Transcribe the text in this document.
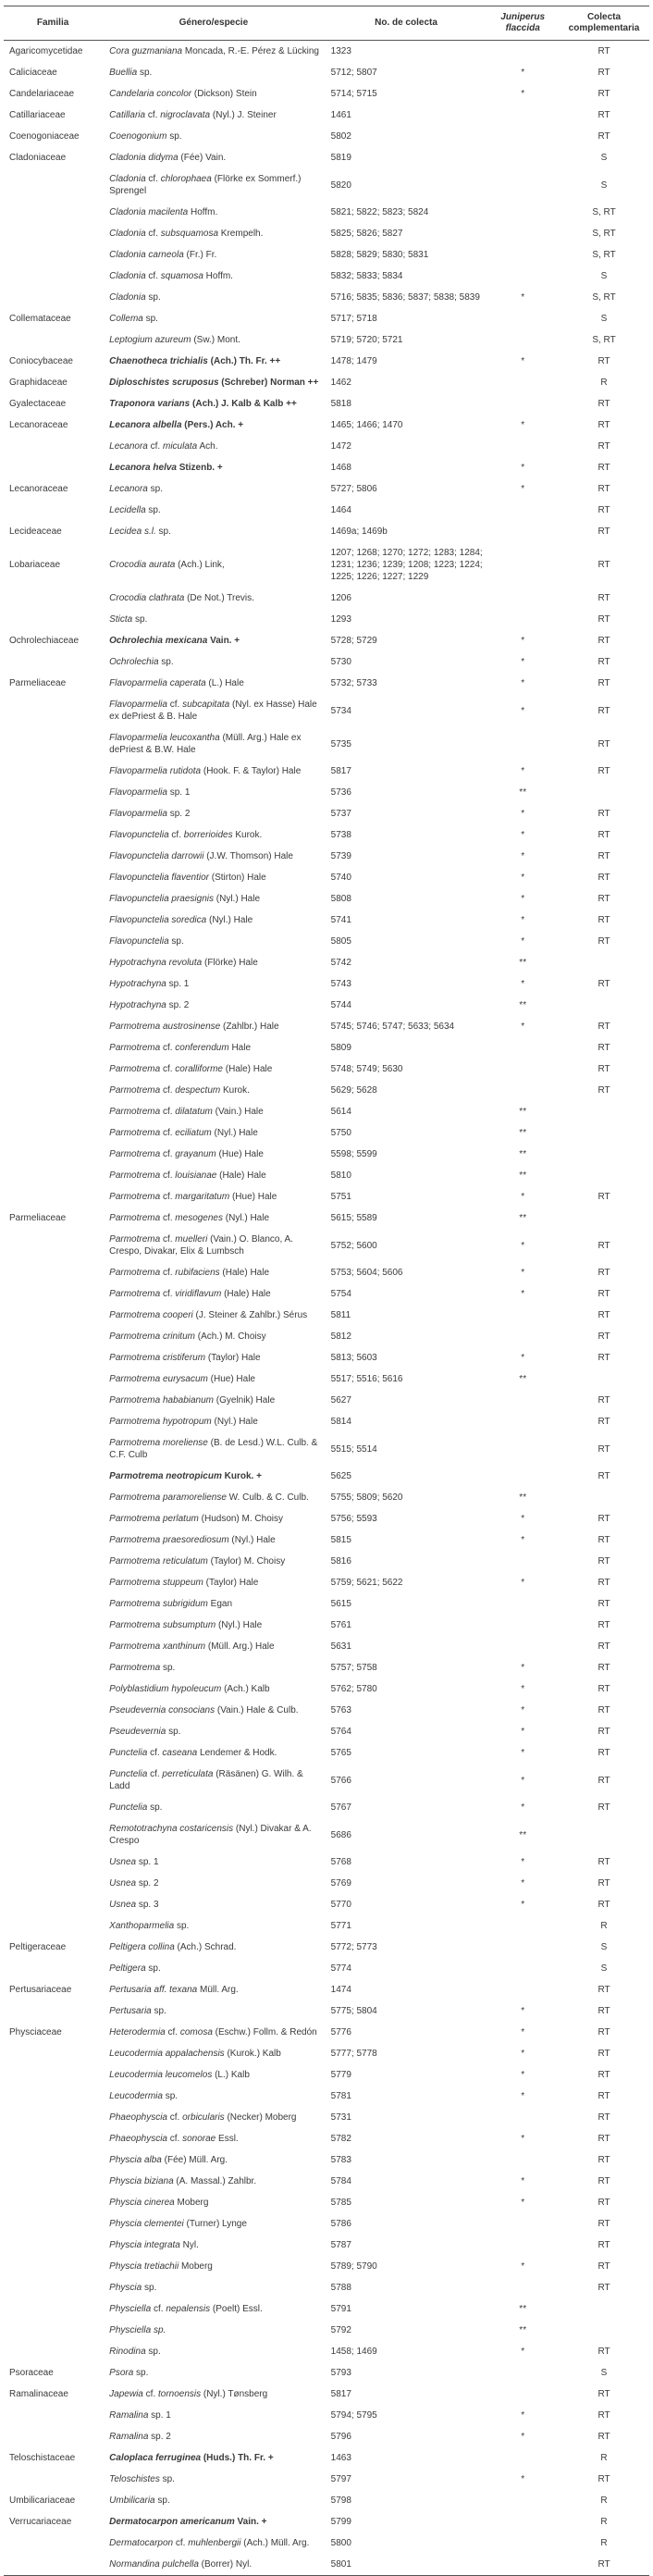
Familia	Género/especie	No. de colecta	Juniperus flaccida	Colecta complementaria
Agaricomycetidae	Cora guzmaniana Moncada, R.-E. Pérez & Lücking	1323		RT
Caliciaceae	Buellia sp.	5712; 5807	*	RT
Candelariaceae	Candelaria concolor (Dickson) Stein	5714; 5715	*	RT
Catillariaceae	Catillaria cf. nigroclavata (Nyl.) J. Steiner	1461		RT
Coenogoniaceae	Coenogonium sp.	5802		RT
Cladoniaceae	Cladonia didyma (Fée) Vain.	5819		S
	Cladonia cf. chlorophaea (Flörke ex Sommerf.) Sprengel	5820		S
	Cladonia macilenta Hoffm.	5821; 5822; 5823; 5824		S, RT
	Cladonia cf. subsquamosa Krempelh.	5825; 5826; 5827		S, RT
	Cladonia carneola (Fr.) Fr.	5828; 5829; 5830; 5831		S, RT
	Cladonia cf. squamosa Hoffm.	5832; 5833; 5834		S
	Cladonia sp.	5716; 5835; 5836; 5837; 5838; 5839	*	S, RT
Collemataceae	Collema sp.	5717; 5718		S
	Leptogium azureum (Sw.) Mont.	5719; 5720; 5721		S, RT
Coniocybaceae	Chaenotheca trichialis (Ach.) Th. Fr. ++	1478; 1479	*	RT
Graphidaceae	Diploschistes scruposus (Schreber) Norman ++	1462		R
Gyalectaceae	Traponora varians (Ach.) J. Kalb & Kalb ++	5818		RT
Lecanoraceae	Lecanora albella (Pers.) Ach. +	1465; 1466; 1470	*	RT
	Lecanora cf. miculata Ach.	1472		RT
	Lecanora helva Stizenb. +	1468	*	RT
Lecanoraceae	Lecanora sp.	5727; 5806	*	RT
	Lecidella sp.	1464		RT
Lecideaceae	Lecidea s.l. sp.	1469a; 1469b		RT
Lobariaceae	Crocodia aurata (Ach.) Link,	1207; 1268; 1270; 1272; 1283; 1284; 1231; 1236; 1239; 1208; 1223; 1224; 1225; 1226; 1227; 1229		RT
	Crocodia clathrata (De Not.) Trevis.	1206		RT
	Sticta sp.	1293		RT
Ochrolechiaceae	Ochrolechia mexicana Vain. +	5728; 5729	*	RT
	Ochrolechia sp.	5730	*	RT
Parmeliaceae	Flavoparmelia caperata (L.) Hale	5732; 5733	*	RT
	Flavoparmelia cf. subcapitata (Nyl. ex Hasse) Hale ex dePriest & B. Hale	5734	*	RT
	Flavoparmelia leucoxantha (Müll. Arg.) Hale ex dePriest & B.W. Hale	5735		RT
	Flavoparmelia rutidota (Hook. F. & Taylor) Hale	5817	*	RT
	Flavoparmelia sp. 1	5736	**	
	Flavoparmelia sp. 2	5737	*	RT
	Flavopunctelia cf. borrerioides Kurok.	5738	*	RT
	Flavopunctelia darrowii (J.W. Thomson) Hale	5739	*	RT
	Flavopunctelia flaventior (Stirton) Hale	5740	*	RT
	Flavopunctelia praesignis (Nyl.) Hale	5808	*	RT
	Flavopunctelia soredica (Nyl.) Hale	5741	*	RT
	Flavopunctelia sp.	5805	*	RT
	Hypotrachyna revoluta (Flörke) Hale	5742	**	
	Hypotrachyna sp. 1	5743	*	RT
	Hypotrachyna sp. 2	5744	**	
	Parmotrema austrosinense (Zahlbr.) Hale	5745; 5746; 5747; 5633; 5634	*	RT
	Parmotrema cf. conferendum Hale	5809		RT
	Parmotrema cf. coralliforme (Hale) Hale	5748; 5749; 5630		RT
	Parmotrema cf. despectum Kurok.	5629; 5628		RT
	Parmotrema cf. dilatatum (Vain.) Hale	5614	**	
	Parmotrema cf. eciliatum (Nyl.) Hale	5750	**	
	Parmotrema cf. grayanum (Hue) Hale	5598; 5599	**	
	Parmotrema cf. louisianae (Hale) Hale	5810	**	
	Parmotrema cf. margaritatum (Hue) Hale	5751	*	RT
Parmeliaceae	Parmotrema cf. mesogenes (Nyl.) Hale	5615; 5589	**	
	Parmotrema cf. muelleri (Vain.) O. Blanco, A. Crespo, Divakar, Elix & Lumbsch	5752; 5600	*	RT
	Parmotrema cf. rubifaciens (Hale) Hale	5753; 5604; 5606	*	RT
	Parmotrema cf. viridiflavum (Hale) Hale	5754	*	RT
	Parmotrema cooperi (J. Steiner & Zahlbr.) Sérus	5811		RT
	Parmotrema crinitum (Ach.) M. Choisy	5812		RT
	Parmotrema cristiferum (Taylor) Hale	5813; 5603	*	RT
	Parmotrema eurysacum (Hue) Hale	5517; 5516; 5616	**	
	Parmotrema hababianum (Gyelnik) Hale	5627		RT
	Parmotrema hypotropum (Nyl.) Hale	5814		RT
	Parmotrema moreliense (B. de Lesd.) W.L. Culb. & C.F. Culb	5515; 5514		RT
	Parmotrema neotropicum Kurok. +	5625		RT
	Parmotrema paramoreliense W. Culb. & C. Culb.	5755; 5809; 5620	**	
	Parmotrema perlatum (Hudson) M. Choisy	5756; 5593	*	RT
	Parmotrema praesorediosum (Nyl.) Hale	5815	*	RT
	Parmotrema reticulatum (Taylor) M. Choisy	5816		RT
	Parmotrema stuppeum (Taylor) Hale	5759; 5621; 5622	*	RT
	Parmotrema subrigidum Egan	5615		RT
	Parmotrema subsumptum (Nyl.) Hale	5761		RT
	Parmotrema xanthinum (Müll. Arg.) Hale	5631		RT
	Parmotrema sp.	5757; 5758	*	RT
	Polyblastidium hypoleucum (Ach.) Kalb	5762; 5780	*	RT
	Pseudevernia consocians (Vain.) Hale & Culb.	5763	*	RT
	Pseudevernia sp.	5764	*	RT
	Punctelia cf. caseana Lendemer & Hodk.	5765	*	RT
	Punctelia cf. perreticulata (Räsänen) G. Wilh. & Ladd	5766	*	RT
	Punctelia sp.	5767	*	RT
	Remototrachyna costaricensis (Nyl.) Divakar & A. Crespo	5686	**	
	Usnea sp. 1	5768	*	RT
	Usnea sp. 2	5769	*	RT
	Usnea sp. 3	5770	*	RT
	Xanthoparmelia sp.	5771		R
Peltigeraceae	Peltigera collina (Ach.) Schrad.	5772; 5773		S
	Peltigera sp.	5774		S
Pertusariaceae	Pertusaria aff. texana Müll. Arg.	1474		RT
	Pertusaria sp.	5775; 5804	*	RT
Physciaceae	Heterodermia cf. comosa (Eschw.) Follm. & Redón	5776	*	RT
	Leucodermia appalachensis (Kurok.) Kalb	5777; 5778	*	RT
	Leucodermia leucomelos (L.) Kalb	5779	*	RT
	Leucodermia sp.	5781	*	RT
	Phaeophyscia cf. orbicularis (Necker) Moberg	5731		RT
	Phaeophyscia cf. sonorae Essl.	5782	*	RT
	Physcia alba (Fée) Müll. Arg.	5783		RT
	Physcia biziana (A. Massal.) Zahlbr.	5784	*	RT
	Physcia cinerea Moberg	5785	*	RT
	Physcia clementei (Turner) Lynge	5786		RT
	Physcia integrata Nyl.	5787		RT
	Physcia tretiachii Moberg	5789; 5790	*	RT
	Physcia sp.	5788		RT
	Physciella cf. nepalensis (Poelt) Essl.	5791	**	
	Physciella sp.	5792	**	
	Rinodina sp.	1458; 1469	*	RT
Psoraceae	Psora sp.	5793		S
Ramalinaceae	Japewia cf. tornoensis (Nyl.) Tønsberg	5817		RT
	Ramalina sp. 1	5794; 5795	*	RT
	Ramalina sp. 2	5796	*	RT
Teloschistaceae	Caloplaca ferruginea (Huds.) Th. Fr. +	1463		R
	Teloschistes sp.	5797	*	RT
Umbilicariaceae	Umbilicaria sp.	5798		R
Verrucariaceae	Dermatocarpon americanum Vain. +	5799		R
	Dermatocarpon cf. muhlenbergii (Ach.) Müll. Arg.	5800		R
	Normandina pulchella (Borrer) Nyl.	5801		RT
